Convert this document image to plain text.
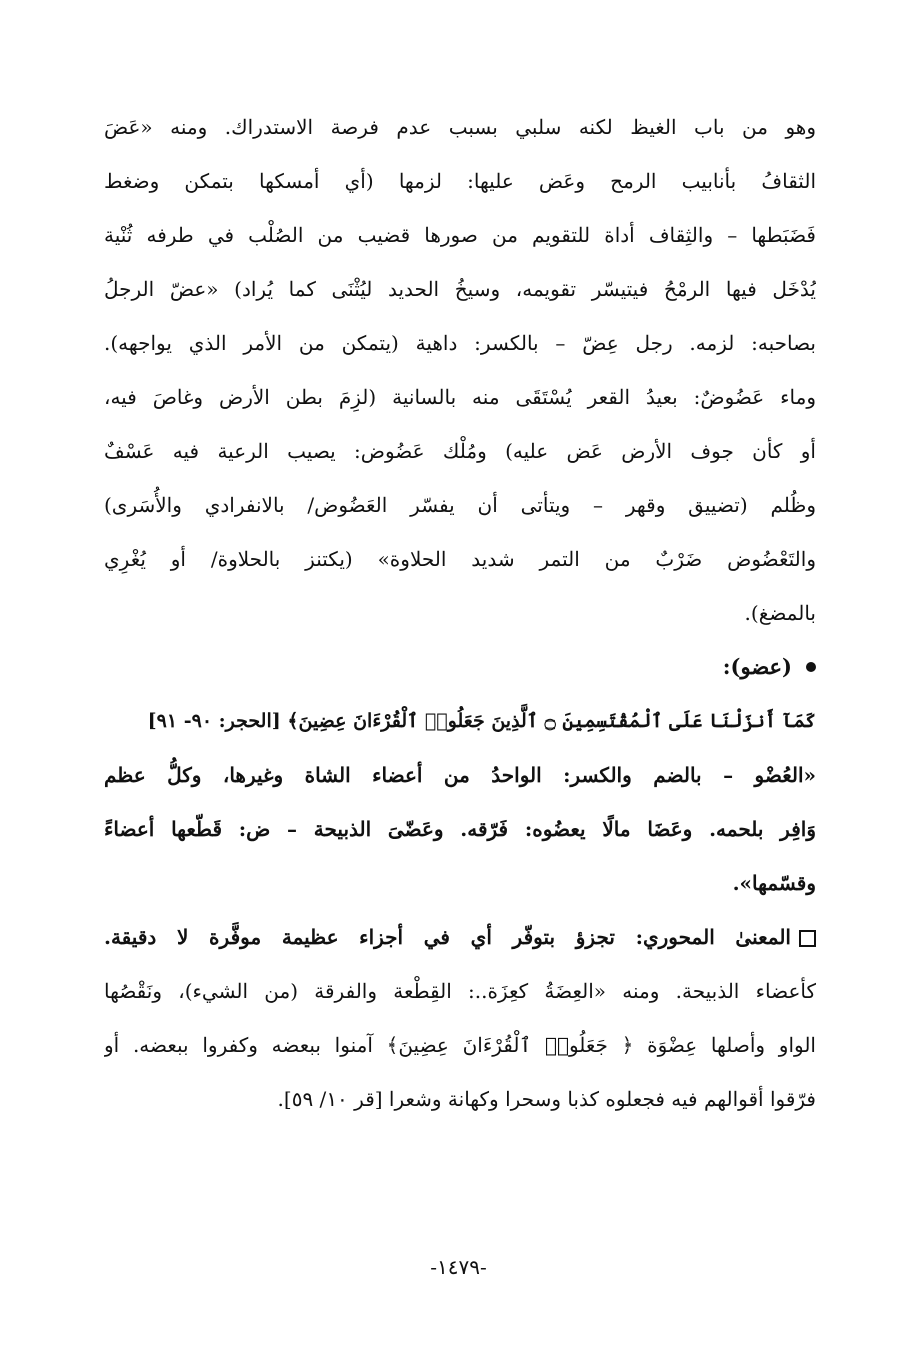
وهو من باب الغيظ لكنه سلبي بسبب عدم فرصة الاستدراك. ومنه «عَضَ
الثقافُ بأنابيب الرمح وعَض عليها: لزمها (أي أمسكها بتمكن وضغط
فَضَبَطها – والثِقاف أداة للتقويم من صورها قضيب من الصُلْب في طرفه ثُنْية
يُدْخَل فيها الرمْحُ فيتيسّر تقويمه، وسيخُ الحديد ليُثْنَى كما يُراد) «عضّ الرجلُ
بصاحبه: لزمه. رجل عِضّ – بالكسر: داهية (يتمكن من الأمر الذي يواجهه).
وماء عَضُوضٌ: بعيدُ القعر يُسْتَقَى منه بالسانية (لزِمَ بطن الأرض وغاصَ فيه،
أو كأن جوف الأرض عَض عليه) ومُلْك عَضُوض: يصيب الرعية فيه عَسْفٌ
وظُلم (تضييق وقهر – ويتأتى أن يفسّر العَضُوض/ بالانفرادي والأُسَرى)
والتَعْضُوض ضَرْبٌ من التمر شديد الحلاوة» (يكتنز بالحلاوة/ أو يُغْرِي
بالمضغ).
(عضو):
كَمَآ أَنزَلْنَا عَلَى ٱلْمُقْتَسِمِينَ ۝ ٱلَّذِينَ جَعَلُوا۟ ٱلْقُرْءَانَ عِضِينَ﴾ [الحجر: ٩٠- ٩١]
«العُضْو – بالضم والكسر: الواحدُ من أعضاء الشاة وغيرها، وكلُّ عظم
وَافِر بلحمه. وعَضَا مالًا يعضُوه: فَرّقه. وعَضّىَ الذبيحة – ض: قَطّعها أعضاءً
وقسّمها».
المعنىٰ المحوري: تجزؤ بتوفّر أي في أجزاء عظيمة موفَّرة لا دقيقة.
كأعضاء الذبيحة. ومنه «العِضَةُ كعِزَة..: القِطْعة والفرقة (من الشيء)، ونَقْصُها
الواو وأصلها عِضْوَة ﴿ جَعَلُوا۟ ٱلْقُرْءَانَ عِضِينَ﴾ آمنوا ببعضه وكفروا ببعضه. أو
فرّقوا أقوالهم فيه فجعلوه كذبا وسحرا وكهانة وشعرا [قر ١٠/ ٥٩].
-١٤٧٩-
